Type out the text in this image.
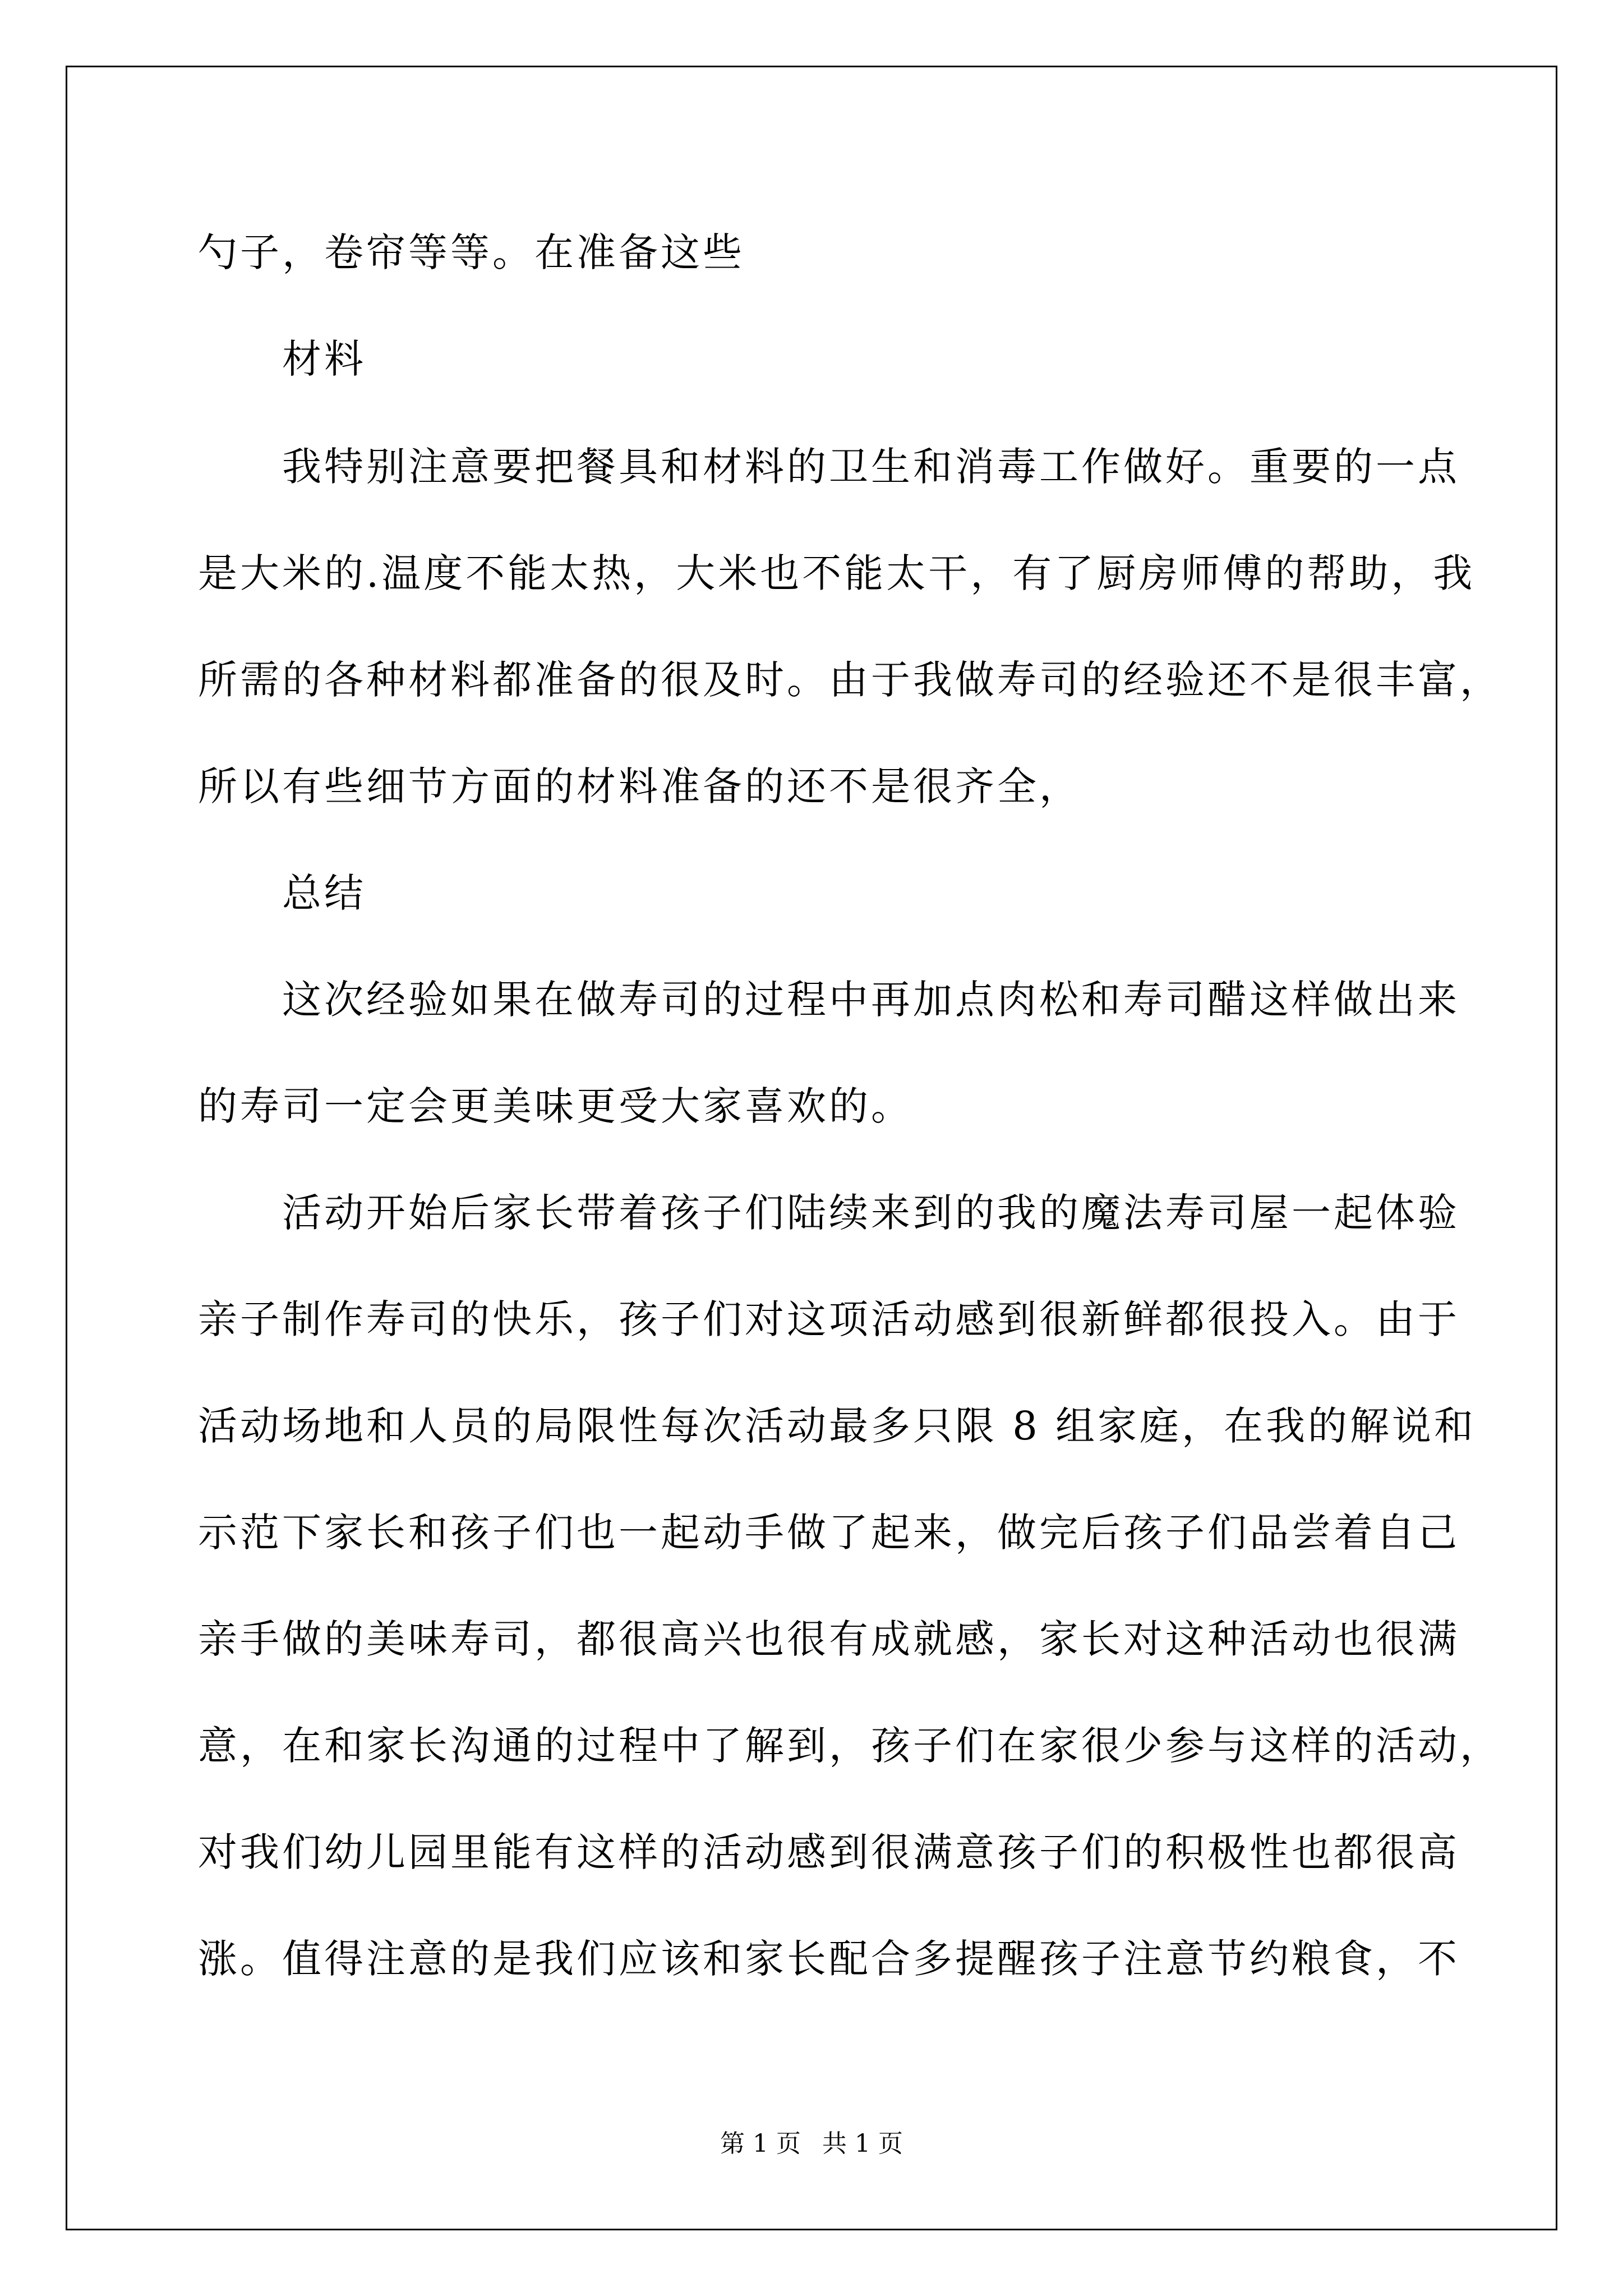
勺子，卷帘等等。在准备这些
材料
我特别注意要把餐具和材料的卫生和消毒工作做好。重要的一点
是大米的.温度不能太热，大米也不能太干，有了厨房师傅的帮助，我
所需的各种材料都准备的很及时。由于我做寿司的经验还不是很丰富，
所以有些细节方面的材料准备的还不是很齐全，
总结
这次经验如果在做寿司的过程中再加点肉松和寿司醋这样做出来
的寿司一定会更美味更受大家喜欢的。
活动开始后家长带着孩子们陆续来到的我的魔法寿司屋一起体验
亲子制作寿司的快乐，孩子们对这项活动感到很新鲜都很投入。由于
活动场地和人员的局限性每次活动最多只限 8 组家庭，在我的解说和
示范下家长和孩子们也一起动手做了起来，做完后孩子们品尝着自己
亲手做的美味寿司，都很高兴也很有成就感，家长对这种活动也很满
意，在和家长沟通的过程中了解到，孩子们在家很少参与这样的活动，
对我们幼儿园里能有这样的活动感到很满意孩子们的积极性也都很高
涨。值得注意的是我们应该和家长配合多提醒孩子注意节约粮食，不
第 1 页 共 1 页
